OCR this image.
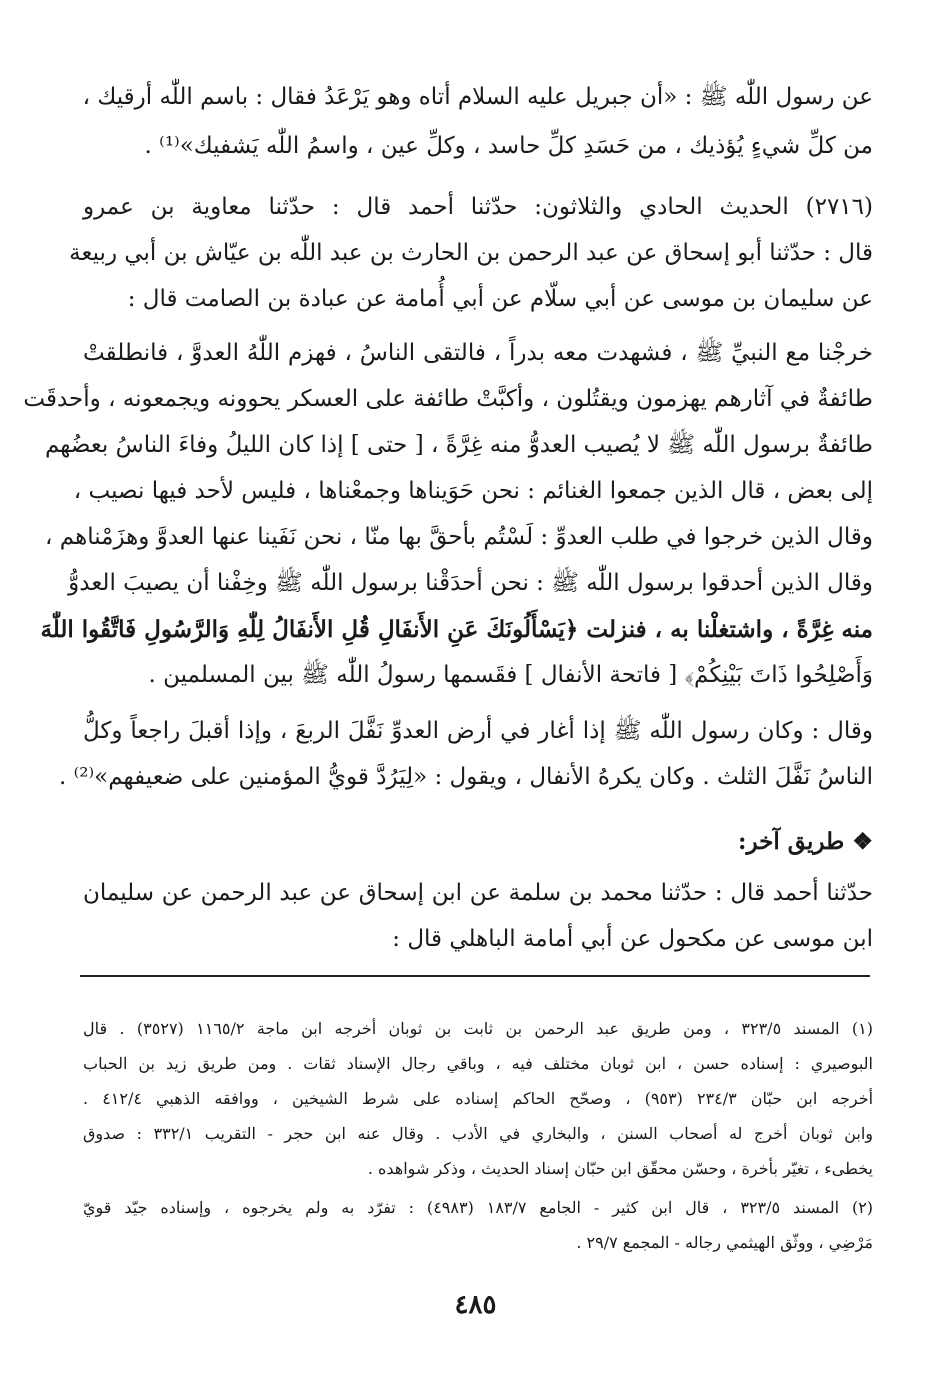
عن رسول اللّٰه ﷺ : «أن جبريل عليه السلام أتاه وهو يَرْعَدُ فقال : باسم اللّٰه أرقيك ،
من كلِّ شيءٍ يُؤذيك ، من حَسَدِ كلِّ حاسد ، وكلِّ عين ، واسمُ اللّٰه يَشفيك»⁽¹⁾ .
(٢٧١٦) الحديث الحادي والثلاثون: حدّثنا أحمد قال : حدّثنا معاوية بن عمرو
قال : حدّثنا أبو إسحاق عن عبد الرحمن بن الحارث بن عبد اللّٰه بن عيّاش بن أبي ربيعة
عن سليمان بن موسى عن أبي سلّام عن أبي أُمامة عن عبادة بن الصامت قال :
خرجْنا مع النبيِّ ﷺ ، فشهدت معه بدراً ، فالتقى الناسُ ، فهزم اللّٰهُ العدوَّ ، فانطلقتْ
طائفةٌ في آثارهم يهزمون ويقتُلون ، وأكبَّتْ طائفة على العسكر يحوونه ويجمعونه ، وأحدقَت
طائفةٌ برسول اللّٰه ﷺ لا يُصيب العدوُّ منه غِرَّةً ، [ حتى ] إذا كان الليلُ وفاءَ الناسُ بعضُهم
إلى بعض ، قال الذين جمعوا الغنائم : نحن حَوَيناها وجمعْناها ، فليس لأحد فيها نصيب ،
وقال الذين خرجوا في طلب العدوِّ : لَسْتُم بأحقَّ بها منّا ، نحن نَفَينا عنها العدوَّ وهزَمْناهم ،
وقال الذين أحدقوا برسول اللّٰه ﷺ : نحن أحدَقْنا برسول اللّٰه ﷺ وخِفْنا أن يصيبَ العدوُّ
منه غِرَّةً ، واشتغلْنا به ، فنزلت ﴿يَسْأَلُونَكَ عَنِ الأَنفَالِ قُلِ الأَنفَالُ لِلّٰهِ وَالرَّسُولِ فَاتَّقُوا اللّٰهَ
وَأَصْلِحُوا ذَاتَ بَيْنِكُمْ﴾ [ فاتحة الأنفال ] فقَسمها رسولُ اللّٰه ﷺ بين المسلمين .
وقال : وكان رسول اللّٰه ﷺ إذا أغار في أرض العدوِّ نَفَّلَ الربعَ ، وإذا أقبلَ راجعاً وكلُّ
الناسُ نَفَّلَ الثلث . وكان يكرهُ الأنفال ، ويقول : «لِيَرُدَّ قويُّ المؤمنين على ضعيفهم»⁽²⁾ .
❖ طريق آخر:
حدّثنا أحمد قال : حدّثنا محمد بن سلمة عن ابن إسحاق عن عبد الرحمن عن سليمان
ابن موسى عن مكحول عن أبي أمامة الباهلي قال :
(١) المسند ٣٢٣/٥ ، ومن طريق عبد الرحمن بن ثابت بن ثوبان أخرجه ابن ماجة ١١٦٥/٢ (٣٥٢٧) . قال
البوصيري : إسناده حسن ، ابن ثوبان مختلف فيه ، وباقي رجال الإسناد ثقات . ومن طريق زيد بن الحباب
أخرجه ابن حبّان ٢٣٤/٣ (٩٥٣) ، وصحّح الحاكم إسناده على شرط الشيخين ، ووافقه الذهبي ٤١٢/٤ .
وابن ثوبان أخرج له أصحاب السنن ، والبخاري في الأدب . وقال عنه ابن حجر - التقريب ٣٣٢/١ : صدوق
يخطىء ، تغيّر بأخرة ، وحسّن محقّق ابن حبّان إسناد الحديث ، وذكر شواهده .
(٢) المسند ٣٢٣/٥ ، قال ابن كثير - الجامع ١٨٣/٧ (٤٩٨٣) : تفرّد به ولم يخرجوه ، وإسناده جيّد قويّ
مَرْضِي ، ووثّق الهيثمي رجاله - المجمع ٢٩/٧ .
٤٨٥
